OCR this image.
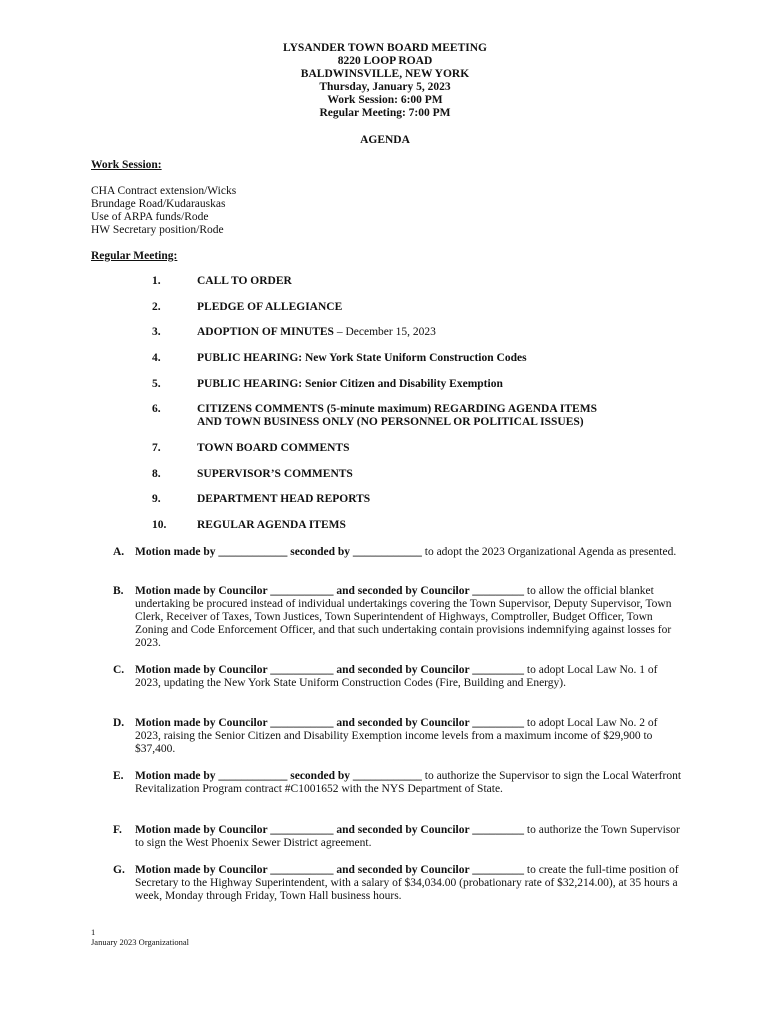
LYSANDER TOWN BOARD MEETING
8220 LOOP ROAD
BALDWINSVILLE, NEW YORK
Thursday, January 5, 2023
Work Session: 6:00 PM
Regular Meeting: 7:00 PM
AGENDA
Work Session:
CHA Contract extension/Wicks
Brundage Road/Kudarauskas
Use of ARPA funds/Rode
HW Secretary position/Rode
Regular Meeting:
1.	CALL TO ORDER
2.	PLEDGE OF ALLEGIANCE
3.	ADOPTION OF MINUTES – December 15, 2023
4.	PUBLIC HEARING: New York State Uniform Construction Codes
5.	PUBLIC HEARING: Senior Citizen and Disability Exemption
6.	CITIZENS COMMENTS (5-minute maximum) REGARDING AGENDA ITEMS
AND TOWN BUSINESS ONLY (NO PERSONNEL OR POLITICAL ISSUES)
7.	TOWN BOARD COMMENTS
8.	SUPERVISOR’S COMMENTS
9.	DEPARTMENT HEAD REPORTS
10.	REGULAR AGENDA ITEMS
A. Motion made by ____________ seconded by ____________ to adopt the 2023 Organizational Agenda as presented.
B. Motion made by Councilor ___________ and seconded by Councilor _________ to allow the official blanket undertaking be procured instead of individual undertakings covering the Town Supervisor, Deputy Supervisor, Town Clerk, Receiver of Taxes, Town Justices, Town Superintendent of Highways, Comptroller, Budget Officer, Town Zoning and Code Enforcement Officer, and that such undertaking contain provisions indemnifying against losses for 2023.
C. Motion made by Councilor ___________ and seconded by Councilor _________ to adopt Local Law No. 1 of 2023, updating the New York State Uniform Construction Codes (Fire, Building and Energy).
D. Motion made by Councilor ___________ and seconded by Councilor _________ to adopt Local Law No. 2 of 2023, raising the Senior Citizen and Disability Exemption income levels from a maximum income of $29,900 to $37,400.
E. Motion made by ____________ seconded by ____________ to authorize the Supervisor to sign the Local Waterfront Revitalization Program contract #C1001652 with the NYS Department of State.
F. Motion made by Councilor ___________ and seconded by Councilor _________ to authorize the Town Supervisor to sign the West Phoenix Sewer District agreement.
G. Motion made by Councilor ___________ and seconded by Councilor _________ to create the full-time position of Secretary to the Highway Superintendent, with a salary of $34,034.00 (probationary rate of $32,214.00), at 35 hours a week, Monday through Friday, Town Hall business hours.
1
January 2023 Organizational
